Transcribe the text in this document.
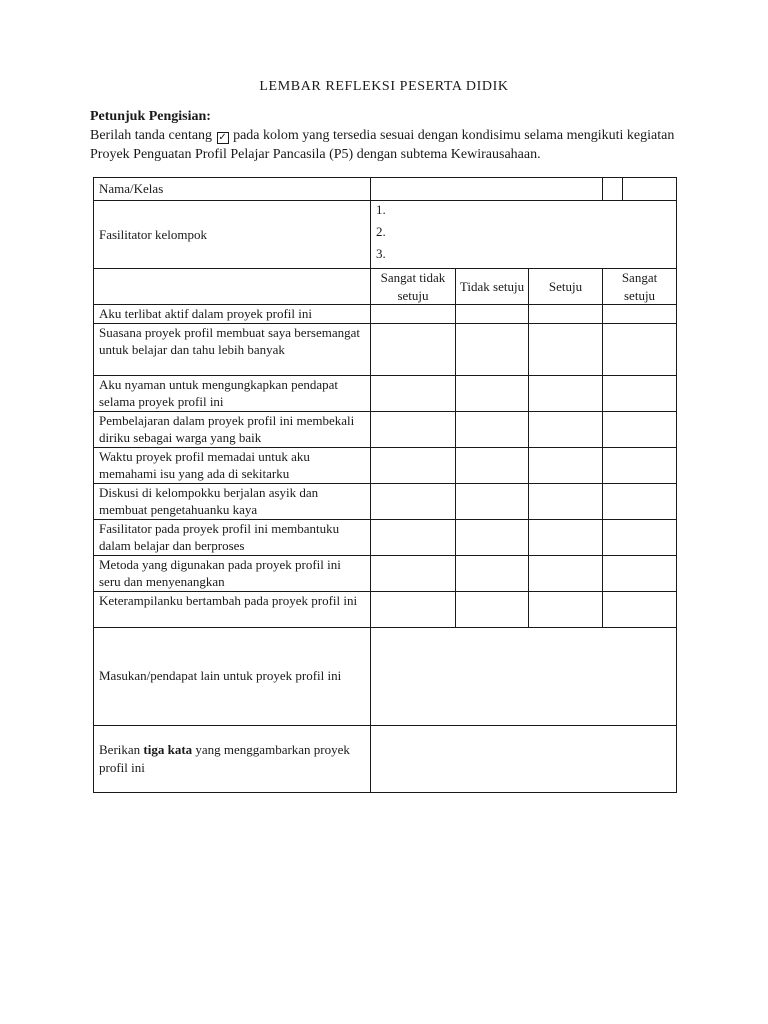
LEMBAR REFLEKSI PESERTA DIDIK
Petunjuk Pengisian:
Berilah tanda centang ✓ pada kolom yang tersedia sesuai dengan kondisimu selama mengikuti kegiatan Proyek Penguatan Profil Pelajar Pancasila (P5) dengan subtema Kewirausahaan.
Nama/Kelas				

Fasilitator kelompok	1.
2.
3.			

	Sangat tidak setuju	Tidak setuju	Setuju	Sangat setuju
Aku terlibat aktif dalam proyek profil ini				
Suasana proyek profil membuat saya bersemangat untuk belajar dan tahu lebih banyak				
Aku nyaman untuk mengungkapkan pendapat selama proyek profil ini				
Pembelajaran dalam proyek profil ini membekali diriku sebagai warga yang baik				
Waktu proyek profil memadai untuk aku memahami isu yang ada di sekitarku				
Diskusi di kelompokku berjalan asyik dan membuat pengetahuanku kaya				
Fasilitator pada proyek profil ini membantuku dalam belajar dan berproses				
Metoda yang digunakan pada proyek profil ini seru dan menyenangkan				
Keterampilanku bertambah pada proyek profil ini				
Masukan/pendapat lain untuk proyek profil ini				
Berikan tiga kata yang menggambarkan proyek profil ini				
